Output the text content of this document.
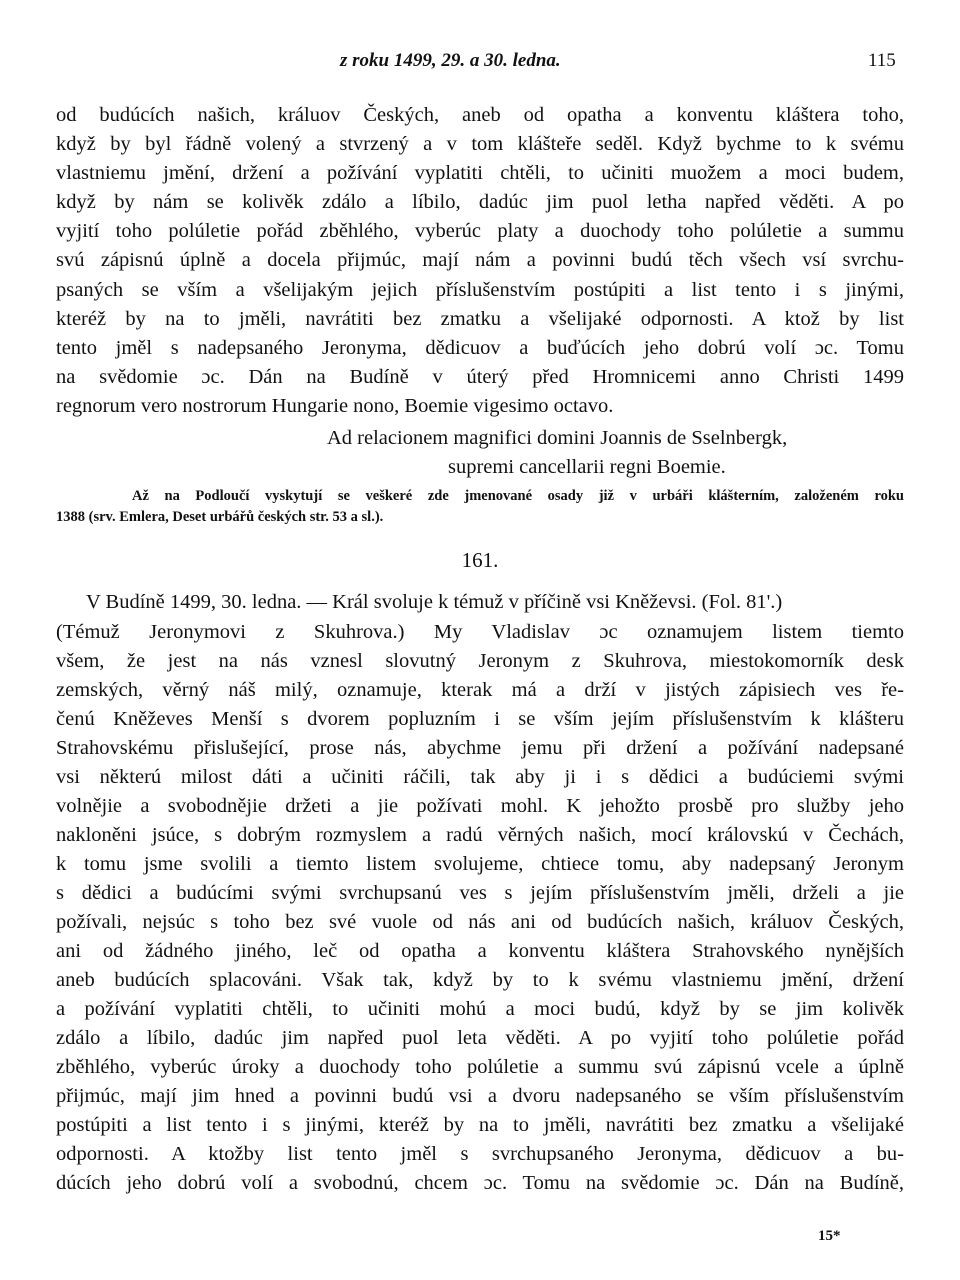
z roku 1499, 29. a 30. ledna.	115
od budúcích našich, králuov Českých, aneb od opatha a konventu kláštera toho,
když by byl řádně volený a stvrzený a v tom klášteře seděl. Když bychme to k svému
vlastniemu jmění, držení a požívání vyplatiti chtěli, to učiniti muožem a moci budem,
když by nám se kolivěk zdálo a líbilo, dadúc jim puol letha napřed věděti. A po
vyjití toho polúletie pořád zběhlého, vyberúc platy a duochody toho polúletie a summu
svú zápisnú úplně a docela přijmúc, mají nám a povinni budú těch všech vsí svrchu-
psaných se vším a všelijakým jejich příslušenstvím postúpiti a list tento i s jinými,
kteréž by na to jměli, navrátiti bez zmatku a všelijaké odpornosti. A ktož by list
tento jměl s nadepsaného Jeronyma, dědicuov a buďúcích jeho dobrú volí ɔc. Tomu
na svědomie ɔc. Dán na Budíně v úterý před Hromnicemi anno Christi 1499
regnorum vero nostrorum Hungarie nono, Boemie vigesimo octavo.
Ad relacionem magnifici domini Joannis de Sselnbergk,
supremi cancellarii regni Boemie.
Až na Podloučí vyskytují se veškeré zde jmenované osady již v urbáři klášterním, založeném roku
1388 (srv. Emlera, Deset urbářů českých str. 53 a sl.).
161.
V Budíně 1499, 30. ledna. — Král svoluje k témuž v příčině vsi Kněževsi. (Fol. 81'.)
(Témuž Jeronymovi z Skuhrova.) My Vladislav ɔc oznamujem listem tiemto
všem, že jest na nás vznesl slovutný Jeronym z Skuhrova, miestokomorník desk
zemských, věrný náš milý, oznamuje, kterak má a drží v jistých zápisiech ves ře-
čenú Kněževes Menší s dvorem popluzním i se vším jejím příslušenstvím k klášteru
Strahovskému přislušející, prose nás, abychme jemu při držení a požívání nadepsané
vsi některú milost dáti a učiniti ráčili, tak aby ji i s dědici a budúciemi svými
volnějie a svobodnějie držeti a jie požívati mohl. K jehožto prosbě pro služby jeho
nakloněni jsúce, s dobrým rozmyslem a radú věrných našich, mocí královskú v Čechách,
k tomu jsme svolili a tiemto listem svolujeme, chtiece tomu, aby nadepsaný Jeronym
s dědici a budúcími svými svrchupsanú ves s jejím příslušenstvím jměli, drželi a jie
požívali, nejsúc s toho bez své vuole od nás ani od budúcích našich, králuov Českých,
ani od žádného jiného, leč od opatha a konventu kláštera Strahovského nynějších
aneb budúcích splacováni. Však tak, když by to k svému vlastniemu jmění, držení
a požívání vyplatiti chtěli, to učiniti mohú a moci budú, když by se jim kolivěk
zdálo a líbilo, dadúc jim napřed puol leta věděti. A po vyjití toho polúletie pořád
zběhlého, vyberúc úroky a duochody toho polúletie a summu svú zápisnú vcele a úplně
přijmúc, mají jim hned a povinni budú vsi a dvoru nadepsaného se vším příslušenstvím
postúpiti a list tento i s jinými, kteréž by na to jměli, navrátiti bez zmatku a všelijaké
odpornosti. A ktožby list tento jměl s svrchupsaného Jeronyma, dědicuov a bu-
dúcích jeho dobrú volí a svobodnú, chcem ɔc. Tomu na svědomie ɔc. Dán na Budíně,
15*
